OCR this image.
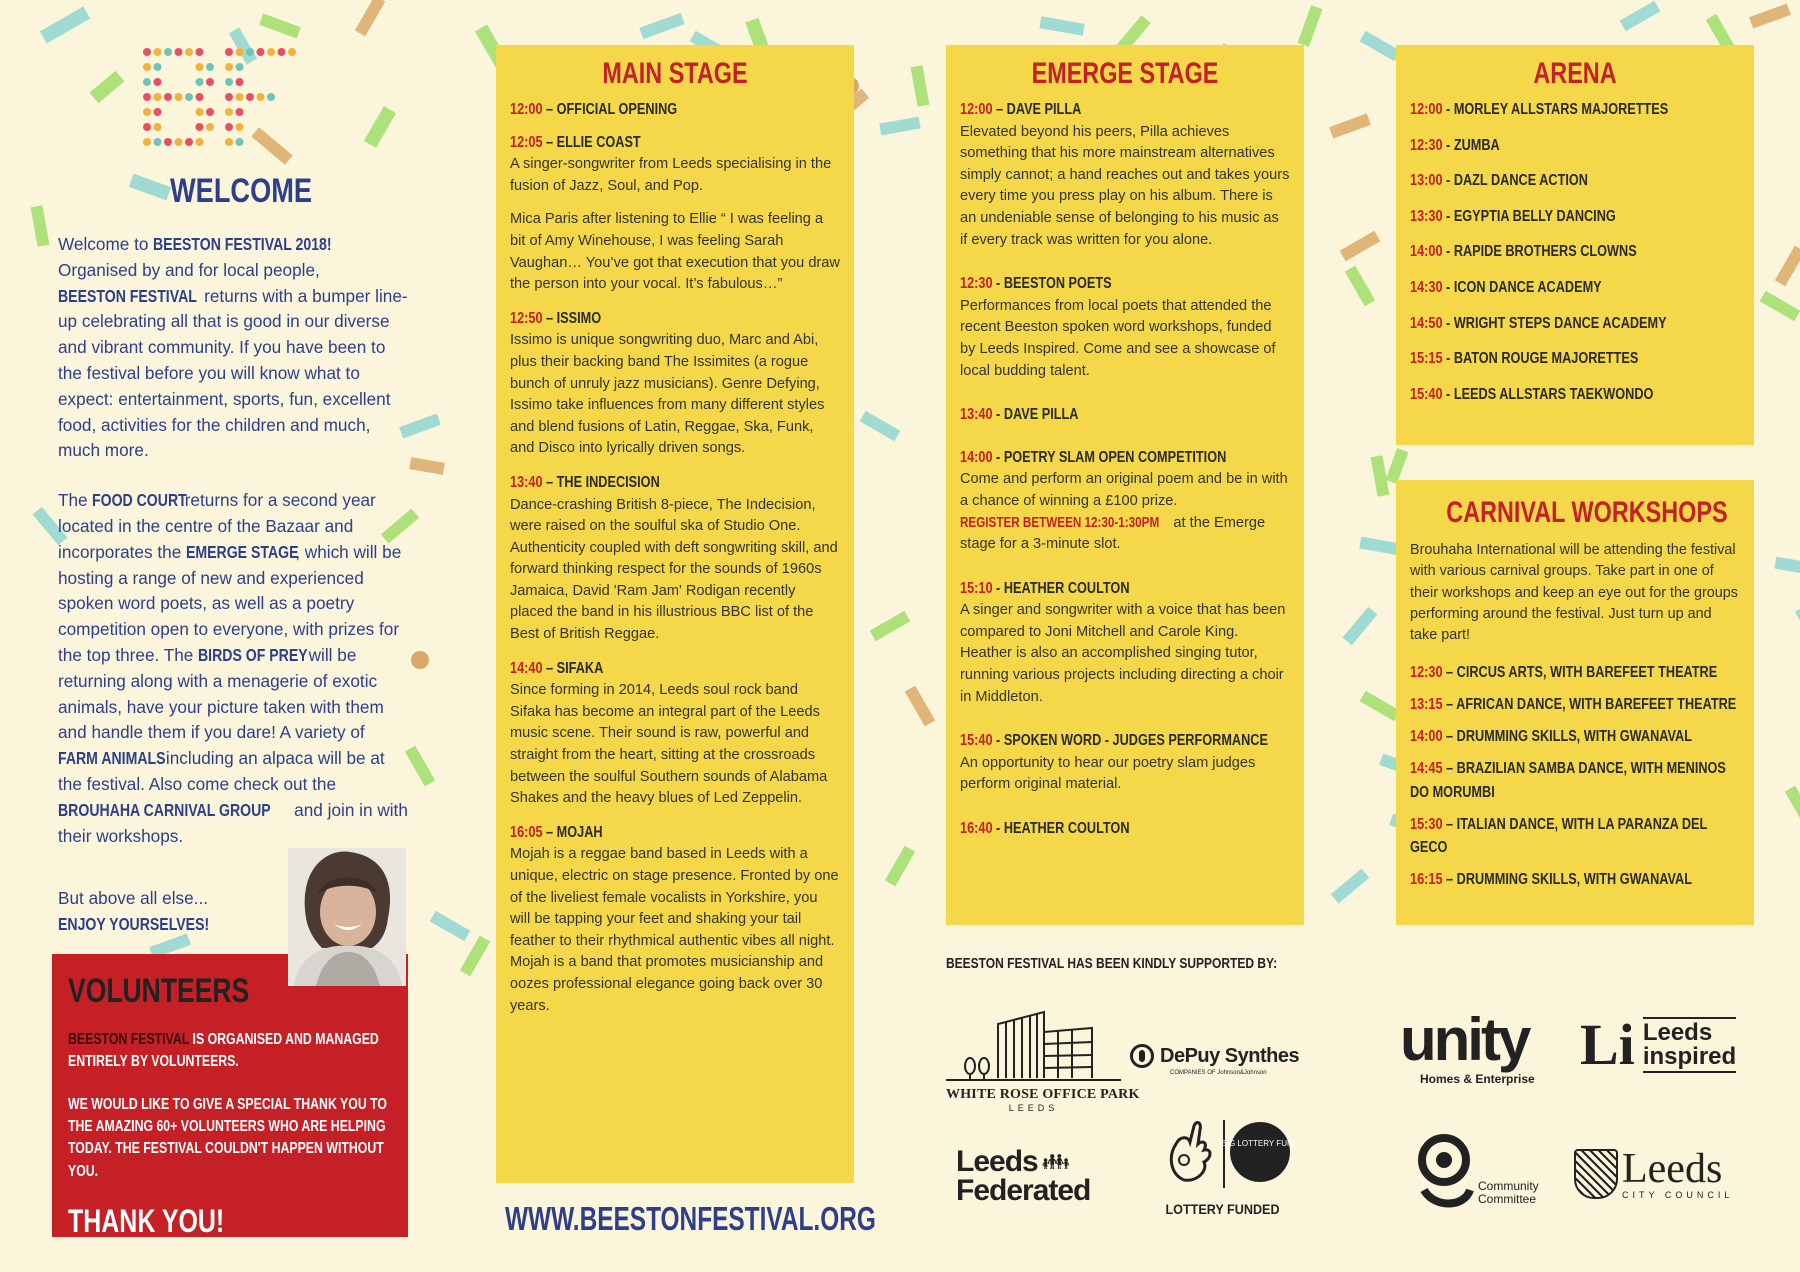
WELCOME

Welcome to BEESTON FESTIVAL 2018! Organised by and for local people, BEESTON FESTIVAL returns with a bumper line-up celebrating all that is good in our diverse and vibrant community. If you have been to the festival before you will know what to expect: entertainment, sports, fun, excellent food, activities for the children and much, much more.

The FOOD COURT returns for a second year located in the centre of the Bazaar and incorporates the EMERGE STAGE, which will be hosting a range of new and experienced spoken word poets, as well as a poetry competition open to everyone, with prizes for the top three. The BIRDS OF PREY will be returning along with a menagerie of exotic animals, have your picture taken with them and handle them if you dare! A variety of FARM ANIMALS including an alpaca will be at the festival. Also come check out the BROUHAHA CARNIVAL GROUP and join in with their workshops.

But above all else...
ENJOY YOURSELVES!
VOLUNTEERS
BEESTON FESTIVAL IS ORGANISED AND MANAGED ENTIRELY BY VOLUNTEERS.
WE WOULD LIKE TO GIVE A SPECIAL THANK YOU TO THE AMAZING 60+ VOLUNTEERS WHO ARE HELPING TODAY. THE FESTIVAL COULDN'T HAPPEN WITHOUT YOU.
THANK YOU!
MAIN STAGE
12:00 – OFFICIAL OPENING
12:05 – ELLIE COAST

A singer-songwriter from Leeds specialising in the fusion of Jazz, Soul, and Pop.

Mica Paris after listening to Ellie “ I was feeling a bit of Amy Winehouse, I was feeling Sarah Vaughan… You’ve got that execution that you draw the person into your vocal. It’s fabulous…”

12:50 – ISSIMO

Issimo is unique songwriting duo, Marc and Abi, plus their backing band The Issimites (a rogue bunch of unruly jazz musicians). Genre Defying, Issimo take influences from many different styles and blend fusions of Latin, Reggae, Ska, Funk, and Disco into lyrically driven songs.

13:40 – THE INDECISION

Dance-crashing British 8-piece, The Indecision, were raised on the soulful ska of Studio One. Authenticity coupled with deft songwriting skill, and forward thinking respect for the sounds of 1960s Jamaica, David 'Ram Jam' Rodigan recently placed the band in his illustrious BBC list of the Best of British Reggae.

14:40 – SIFAKA

Since forming in 2014, Leeds soul rock band Sifaka has become an integral part of the Leeds music scene. Their sound is raw, powerful and straight from the heart, sitting at the crossroads between the soulful Southern sounds of Alabama Shakes and the heavy blues of Led Zeppelin.

16:05 – MOJAH

Mojah is a reggae band based in Leeds with a unique, electric on stage presence. Fronted by one of the liveliest female vocalists in Yorkshire, you will be tapping your feet and shaking your tail feather to their rhythmical authentic vibes all night. Mojah is a band that promotes musicianship and oozes professional elegance going back over 30 years.

EMERGE STAGE
12:00 – DAVE PILLA

Elevated beyond his peers, Pilla achieves something that his more mainstream alternatives simply cannot; a hand reaches out and takes yours every time you press play on his album. There is an undeniable sense of belonging to his music as if every track was written for you alone.

12:30 - BEESTON POETS

Performances from local poets that attended the recent Beeston spoken word workshops, funded by Leeds Inspired. Come and see a showcase of local budding talent.

13:40 - DAVE PILLA
14:00 - POETRY SLAM OPEN COMPETITION
Come and perform an original poem and be in with a chance of winning a £100 prize. REGISTER BETWEEN 12:30-1:30PM at the Emerge stage for a 3-minute slot.
15:10 - HEATHER COULTON

A singer and songwriter with a voice that has been compared to Joni Mitchell and Carole King. Heather is also an accomplished singing tutor, running various projects including directing a choir in Middleton.

15:40 - SPOKEN WORD - JUDGES PERFORMANCE

An opportunity to hear our poetry slam judges perform original material.

16:40 - HEATHER COULTON
ARENA
12:00 - MORLEY ALLSTARS MAJORETTES
12:30 - ZUMBA
13:00 - DAZL DANCE ACTION
13:30 - EGYPTIA BELLY DANCING
14:00 - RAPIDE BROTHERS CLOWNS
14:30 - ICON DANCE ACADEMY
14:50 - WRIGHT STEPS DANCE ACADEMY
15:15 - BATON ROUGE MAJORETTES
15:40 - LEEDS ALLSTARS TAEKWONDO
CARNIVAL WORKSHOPS
Brouhaha International will be attending the festival with various carnival groups. Take part in one of their workshops and keep an eye out for the groups performing around the festival. Just turn up and take part!
12:30 – CIRCUS ARTS, WITH BAREFEET THEATRE
13:15 – AFRICAN DANCE, WITH BAREFEET THEATRE
14:00 – DRUMMING SKILLS, WITH GWANAVAL
14:45 – BRAZILIAN SAMBA DANCE, WITH MENINOS DO MORUMBI
15:30 – ITALIAN DANCE, WITH LA PARANZA DEL GECO
16:15 – DRUMMING SKILLS, WITH GWANAVAL
WWW.BEESTONFESTIVAL.ORG
BEESTON FESTIVAL HAS BEEN KINDLY SUPPORTED BY:
WHITE ROSE OFFICE PARK
LEEDS
DePuy Synthes
COMPANIES OF Johnson&Johnson
Leeds 👪︎
Federated
BIG LOTTERY FUND
LOTTERY FUNDED
unity
Homes & Enterprise
Li Leeds
inspired
Community
Committee
Leeds
CITY COUNCIL
